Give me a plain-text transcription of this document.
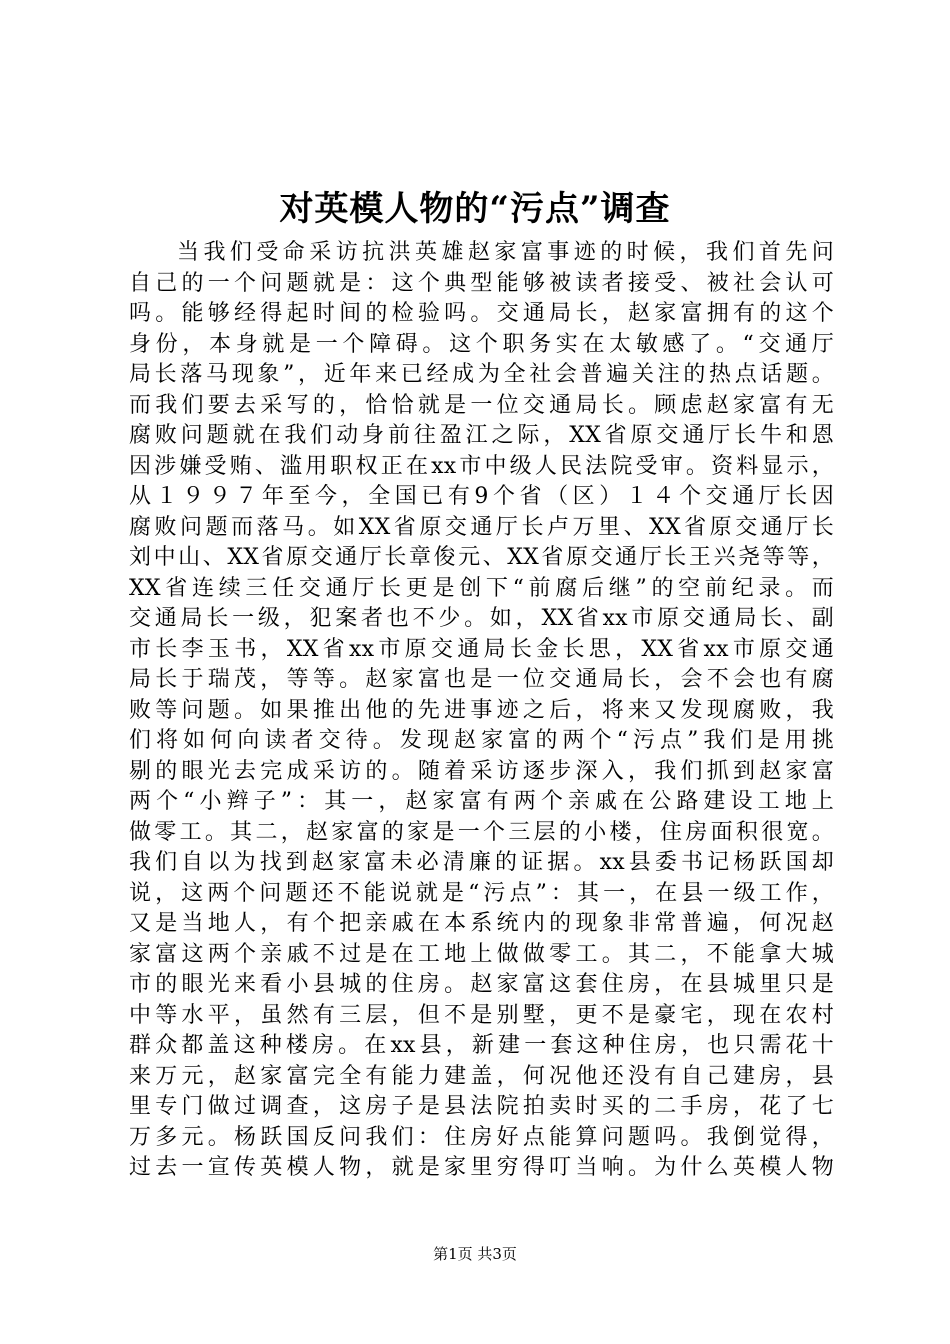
对英模人物的“污点”调查
当我们受命采访抗洪英雄赵家富事迹的时候，我们首先问
自己的一个问题就是：这个典型能够被读者接受、被社会认可
吗。能够经得起时间的检验吗。交通局长，赵家富拥有的这个
身份，本身就是一个障碍。这个职务实在太敏感了。“交通厅
局长落马现象”，近年来已经成为全社会普遍关注的热点话题。
而我们要去采写的，恰恰就是一位交通局长。顾虑赵家富有无
腐败问题就在我们动身前往盈江之际，XX省原交通厅长牛和恩
因涉嫌受贿、滥用职权正在xx市中级人民法院受审。资料显示，
从１９９７年至今，全国已有9个省（区）１４个交通厅长因
腐败问题而落马。如XX省原交通厅长卢万里、XX省原交通厅长
刘中山、XX省原交通厅长章俊元、XX省原交通厅长王兴尧等等，
XX省连续三任交通厅长更是创下“前腐后继”的空前纪录。而
交通局长一级，犯案者也不少。如，XX省xx市原交通局长、副
市长李玉书，XX省xx市原交通局长金长思，XX省xx市原交通
局长于瑞茂，等等。赵家富也是一位交通局长，会不会也有腐
败等问题。如果推出他的先进事迹之后，将来又发现腐败，我
们将如何向读者交待。发现赵家富的两个“污点”我们是用挑
剔的眼光去完成采访的。随着采访逐步深入，我们抓到赵家富
两个“小辫子”：其一，赵家富有两个亲戚在公路建设工地上
做零工。其二，赵家富的家是一个三层的小楼，住房面积很宽。
我们自以为找到赵家富未必清廉的证据。xx县委书记杨跃国却
说，这两个问题还不能说就是“污点”：其一，在县一级工作，
又是当地人，有个把亲戚在本系统内的现象非常普遍，何况赵
家富这两个亲戚不过是在工地上做做零工。其二，不能拿大城
市的眼光来看小县城的住房。赵家富这套住房，在县城里只是
中等水平，虽然有三层，但不是别墅，更不是豪宅，现在农村
群众都盖这种楼房。在xx县，新建一套这种住房，也只需花十
来万元，赵家富完全有能力建盖，何况他还没有自己建房，县
里专门做过调查，这房子是县法院拍卖时买的二手房，花了七
万多元。杨跃国反问我们：住房好点能算问题吗。我倒觉得，
过去一宣传英模人物，就是家里穷得叮当响。为什么英模人物
第1页 共3页
